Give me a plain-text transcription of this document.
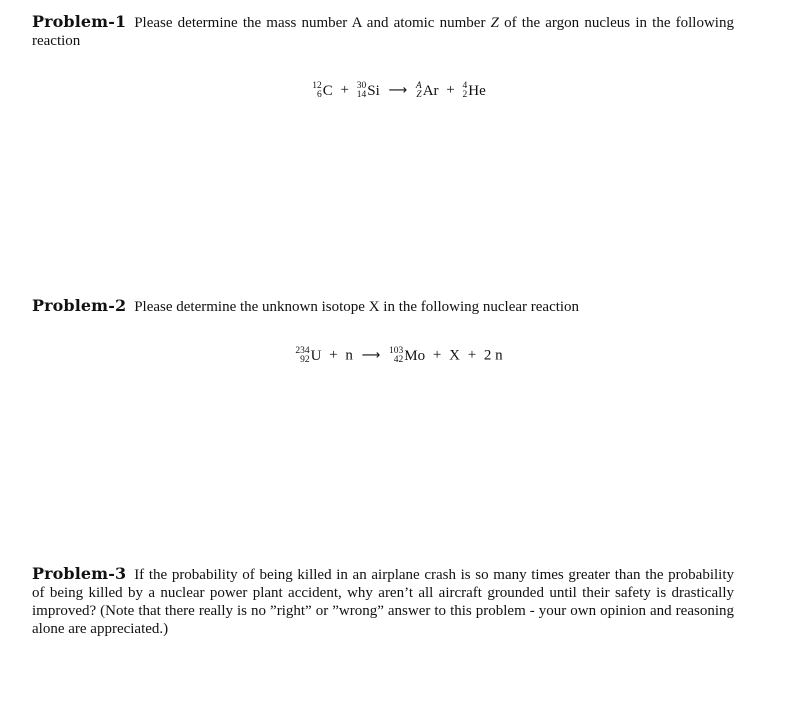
Problem-1 Please determine the mass number A and atomic number Z of the argon nucleus in the following reaction

12
6 C + 30
14 Si ⟶ A
Z Ar + 4
2 He

Problem-2 Please determine the unknown isotope X in the following nuclear reaction

234
92 U + n ⟶ 103
42 Mo + X + 2 n

Problem-3 If the probability of being killed in an airplane crash is so many times greater than the probability of being killed by a nuclear power plant accident, why aren’t all aircraft grounded until their safety is drastically improved? (Note that there really is no ”right” or ”wrong” answer to this problem - your own opinion and reasoning alone are appreciated.)
